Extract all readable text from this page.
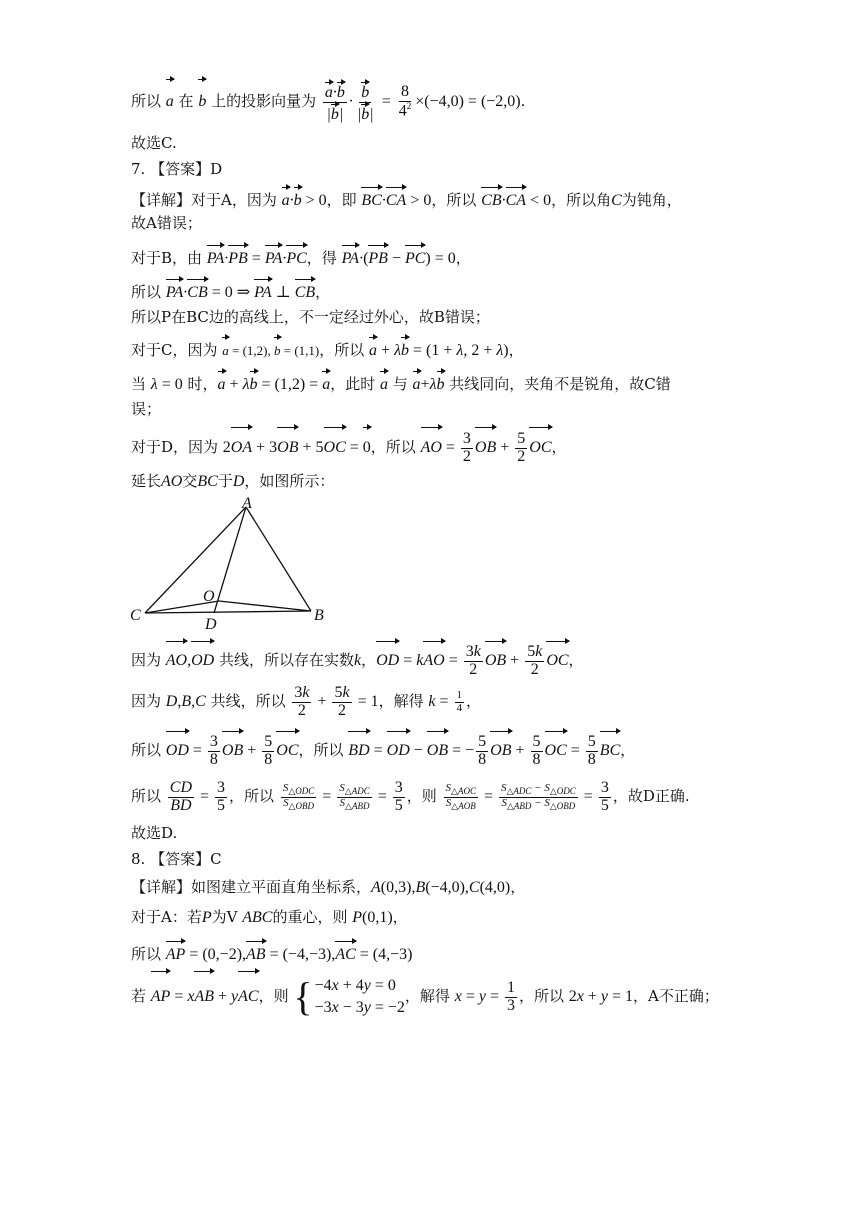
所以 a 在 b 上的投影向量为 $\frac{a\cdot b}{|b|} \cdot \frac{b}{|b|} = \frac{8}{4^2} \times(-4,0) = (-2,0)$.
故选C.
7. 【答案】D
【详解】对于A，因为 a·b > 0，即 BC·CA > 0，所以 CB·CA < 0，所以角C为钝角，
故A错误；
对于B，由 PA·PB = PA·PC，得 PA·(PB − PC) = 0，
所以 PA·CB = 0 ⇒ PA ⊥ CB，
所以P在BC边的高线上，不一定经过外心，故B错误；
对于C，因为 a = (1,2), b = (1,1)，所以 a + λb = (1 + λ, 2 + λ)，
当 λ = 0 时，a + λb = (1,2) = a，此时 a 与 a+λb 共线同向，夹角不是锐角，故C错
误；
对于D，因为 2OA + 3OB + 5OC = 0，所以 AO = $\frac{3}{2}$ OB + $\frac{5}{2}$ OC，
延长AO交BC于D，如图所示：
A
B
C
D
O
因为 AO,OD 共线，所以存在实数k，OD = kAO = $\frac{3k}{2}$ OB + $\frac{5k}{2}$ OC，
因为 D,B,C 共线，所以 $\frac{3k}{2} + \frac{5k}{2} = 1$，解得 $k = \frac{1}{4}$ ，
所以 OD = $\frac{3}{8}$ OB + $\frac{5}{8}$ OC，所以 BD = OD − OB = − $\frac{5}{8}$ OB + $\frac{5}{8}$ OC = $\frac{5}{8}$ BC，
所以 $\frac{CD}{BD} = \frac{3}{5}$ ，所以 $\frac{S_{\triangle ODC}}{S_{\triangle OBD}} = \frac{S_{\triangle ADC}}{S_{\triangle ABD}} = \frac{3}{5}$ ，则 $\frac{S_{\triangle AOC}}{S_{\triangle AOB}} = \frac{S_{\triangle ADC} - S_{\triangle ODC}}{S_{\triangle ABD} - S_{\triangle OBD}} = \frac{3}{5}$ ，故D正确.
故选D.
8. 【答案】C
【详解】如图建立平面直角坐标系，A(0,3),B(−4,0),C(4,0)，
对于A：若P为V ABC的重心，则 P(0,1)，
所以 AP = (0,−2),AB = (−4,−3),AC = (4,−3)
若 AP = xAB + yAC，则 { −4x + 4y = 0
−3x − 3y = −2
，解得 $x = y = \frac{1}{3}$ ，所以 2x + y = 1，A不正确；
